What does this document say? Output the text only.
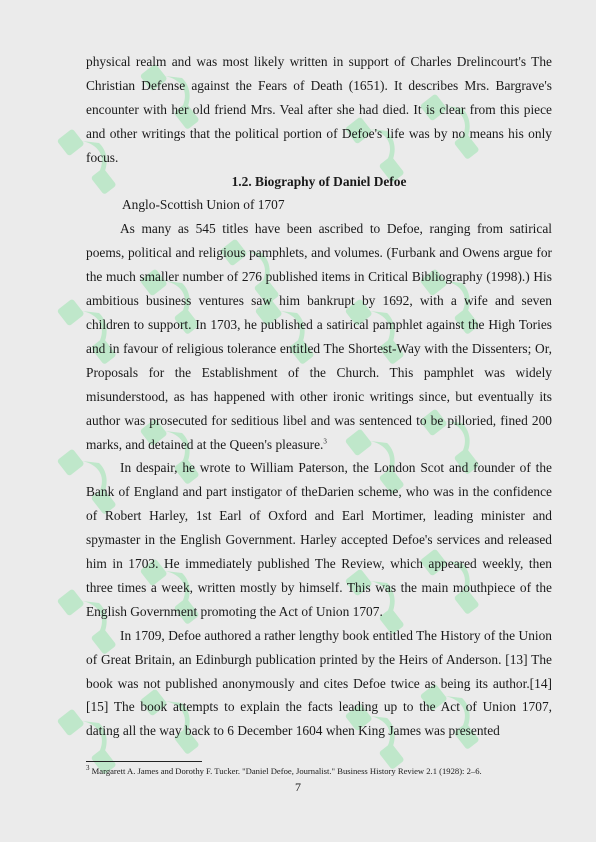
physical realm and was most likely written in support of Charles Drelincourt's The Christian Defense against the Fears of Death (1651). It describes Mrs. Bargrave's encounter with her old friend Mrs. Veal after she had died. It is clear from this piece and other writings that the political portion of Defoe's life was by no means his only focus.

1.2. Biography of Daniel Defoe

Anglo-Scottish Union of 1707

As many as 545 titles have been ascribed to Defoe, ranging from satirical poems, political and religious pamphlets, and volumes. (Furbank and Owens argue for the much smaller number of 276 published items in Critical Bibliography (1998).) His ambitious business ventures saw him bankrupt by 1692, with a wife and seven children to support. In 1703, he published a satirical pamphlet against the High Tories and in favour of religious tolerance entitled The Shortest-Way with the Dissenters; Or, Proposals for the Establishment of the Church. This pamphlet was widely misunderstood, as has happened with other ironic writings since, but eventually its author was prosecuted for seditious libel and was sentenced to be pilloried, fined 200 marks, and detained at the Queen's pleasure.$^3$

In despair, he wrote to William Paterson, the London Scot and founder of the Bank of England and part instigator of theDarien scheme, who was in the confidence of Robert Harley, 1st Earl of Oxford and Earl Mortimer, leading minister and spymaster in the English Government. Harley accepted Defoe's services and released him in 1703. He immediately published The Review, which appeared weekly, then three times a week, written mostly by himself. This was the main mouthpiece of the English Government promoting the Act of Union 1707.

In 1709, Defoe authored a rather lengthy book entitled The History of the Union of Great Britain, an Edinburgh publication printed by the Heirs of Anderson. [13] The book was not published anonymously and cites Defoe twice as being its author.[14][15] The book attempts to explain the facts leading up to the Act of Union 1707, dating all the way back to 6 December 1604 when King James was presented

$^3$ Margarett A. James and Dorothy F. Tucker. "Daniel Defoe, Journalist." Business History Review 2.1 (1928): 2–6.
7
